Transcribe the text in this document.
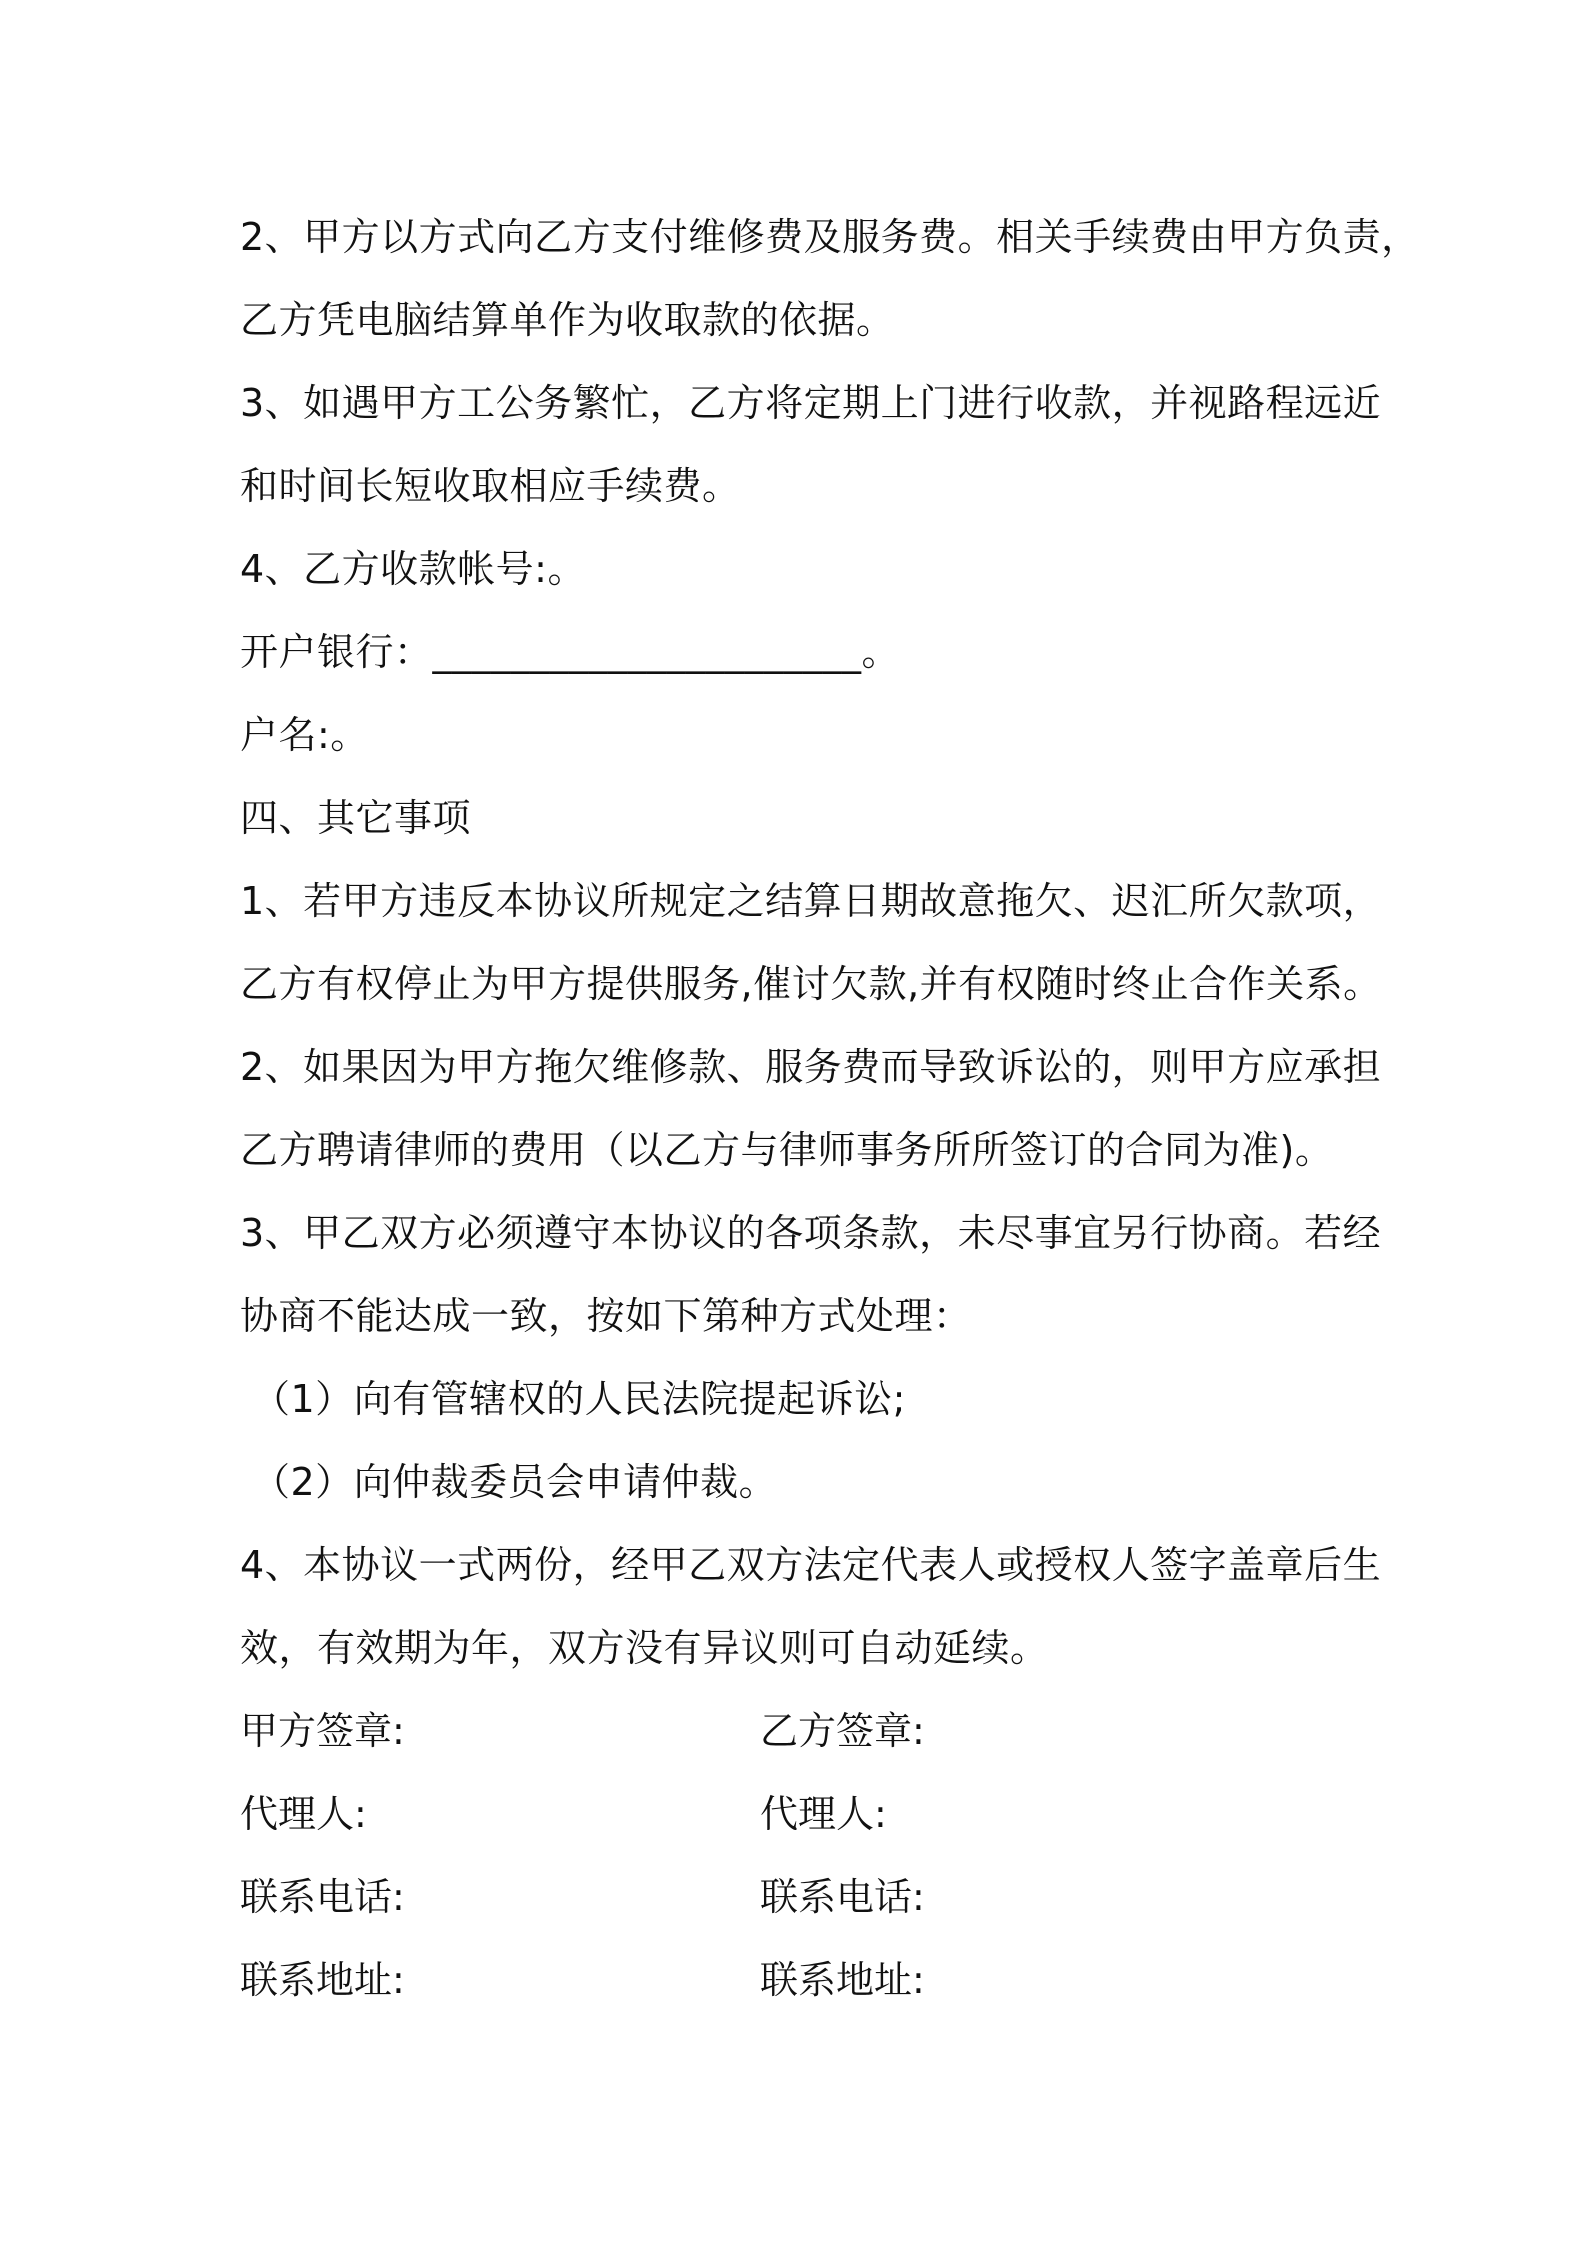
2、甲方以方式向乙方支付维修费及服务费。相关手续费由甲方负责，
乙方凭电脑结算单作为收取款的依据。
3、如遇甲方工公务繁忙，乙方将定期上门进行收款，并视路程远近
和时间长短收取相应手续费。
4、乙方收款帐号:。
开户银行：______________________。
户名:。
四、其它事项
1、若甲方违反本协议所规定之结算日期故意拖欠、迟汇所欠款项，
乙方有权停止为甲方提供服务,催讨欠款,并有权随时终止合作关系。
2、如果因为甲方拖欠维修款、服务费而导致诉讼的，则甲方应承担
乙方聘请律师的费用（以乙方与律师事务所所签订的合同为准)。
3、甲乙双方必须遵守本协议的各项条款，未尽事宜另行协商。若经
协商不能达成一致，按如下第种方式处理：
（1）向有管辖权的人民法院提起诉讼;
（2）向仲裁委员会申请仲裁。
4、本协议一式两份，经甲乙双方法定代表人或授权人签字盖章后生
效，有效期为年，双方没有异议则可自动延续。
甲方签章:	乙方签章:
代理人:	代理人:
联系电话:	联系电话:
联系地址:	联系地址:
